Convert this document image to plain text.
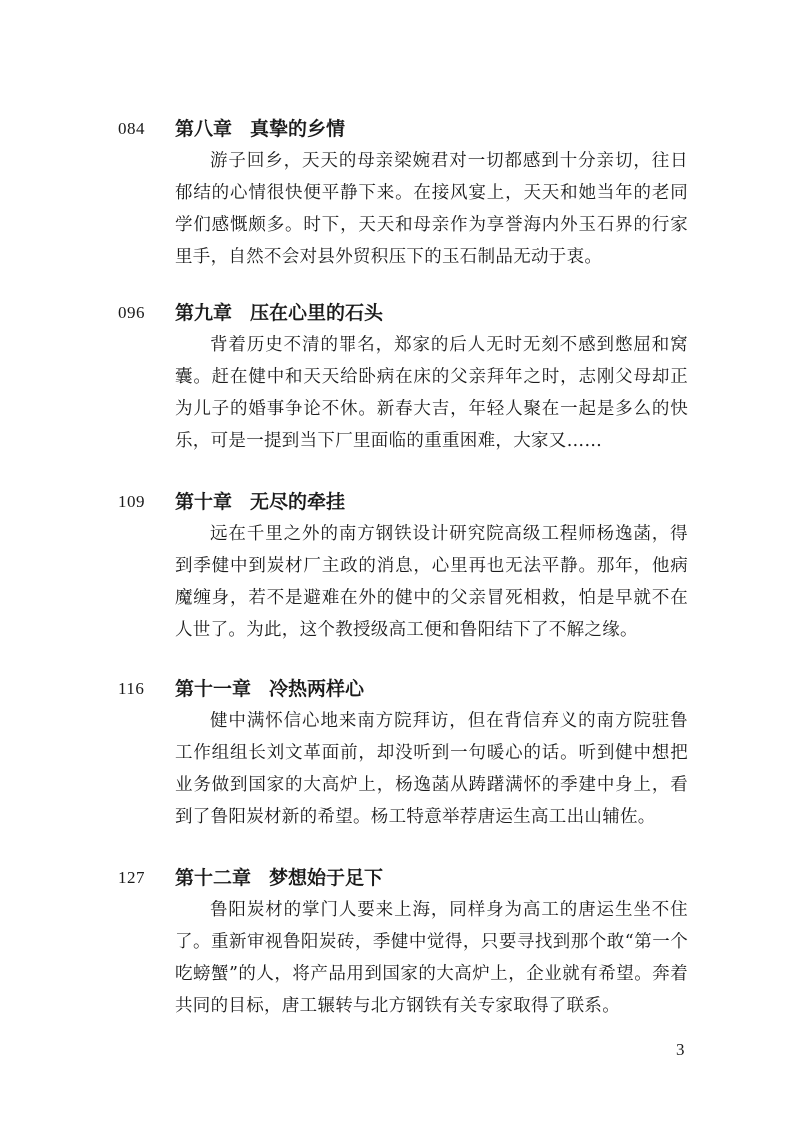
084 第八章 真挚的乡情

游子回乡，天天的母亲梁婉君对一切都感到十分亲切，往日郁结的心情很快便平静下来。在接风宴上，天天和她当年的老同学们感慨颇多。时下，天天和母亲作为享誉海内外玉石界的行家里手，自然不会对县外贸积压下的玉石制品无动于衷。

096 第九章 压在心里的石头

背着历史不清的罪名，郑家的后人无时无刻不感到憋屈和窝囊。赶在健中和天天给卧病在床的父亲拜年之时，志刚父母却正为儿子的婚事争论不休。新春大吉，年轻人聚在一起是多么的快乐，可是一提到当下厂里面临的重重困难，大家又……

109 第十章 无尽的牵挂

远在千里之外的南方钢铁设计研究院高级工程师杨逸菡，得到季健中到炭材厂主政的消息，心里再也无法平静。那年，他病魔缠身，若不是避难在外的健中的父亲冒死相救，怕是早就不在人世了。为此，这个教授级高工便和鲁阳结下了不解之缘。

116 第十一章 冷热两样心

健中满怀信心地来南方院拜访，但在背信弃义的南方院驻鲁工作组组长刘文革面前，却没听到一句暖心的话。听到健中想把业务做到国家的大高炉上，杨逸菡从踌躇满怀的季建中身上，看到了鲁阳炭材新的希望。杨工特意举荐唐运生高工出山辅佐。

127 第十二章 梦想始于足下

鲁阳炭材的掌门人要来上海，同样身为高工的唐运生坐不住了。重新审视鲁阳炭砖，季健中觉得，只要寻找到那个敢“第一个吃螃蟹”的人，将产品用到国家的大高炉上，企业就有希望。奔着共同的目标，唐工辗转与北方钢铁有关专家取得了联系。

3
